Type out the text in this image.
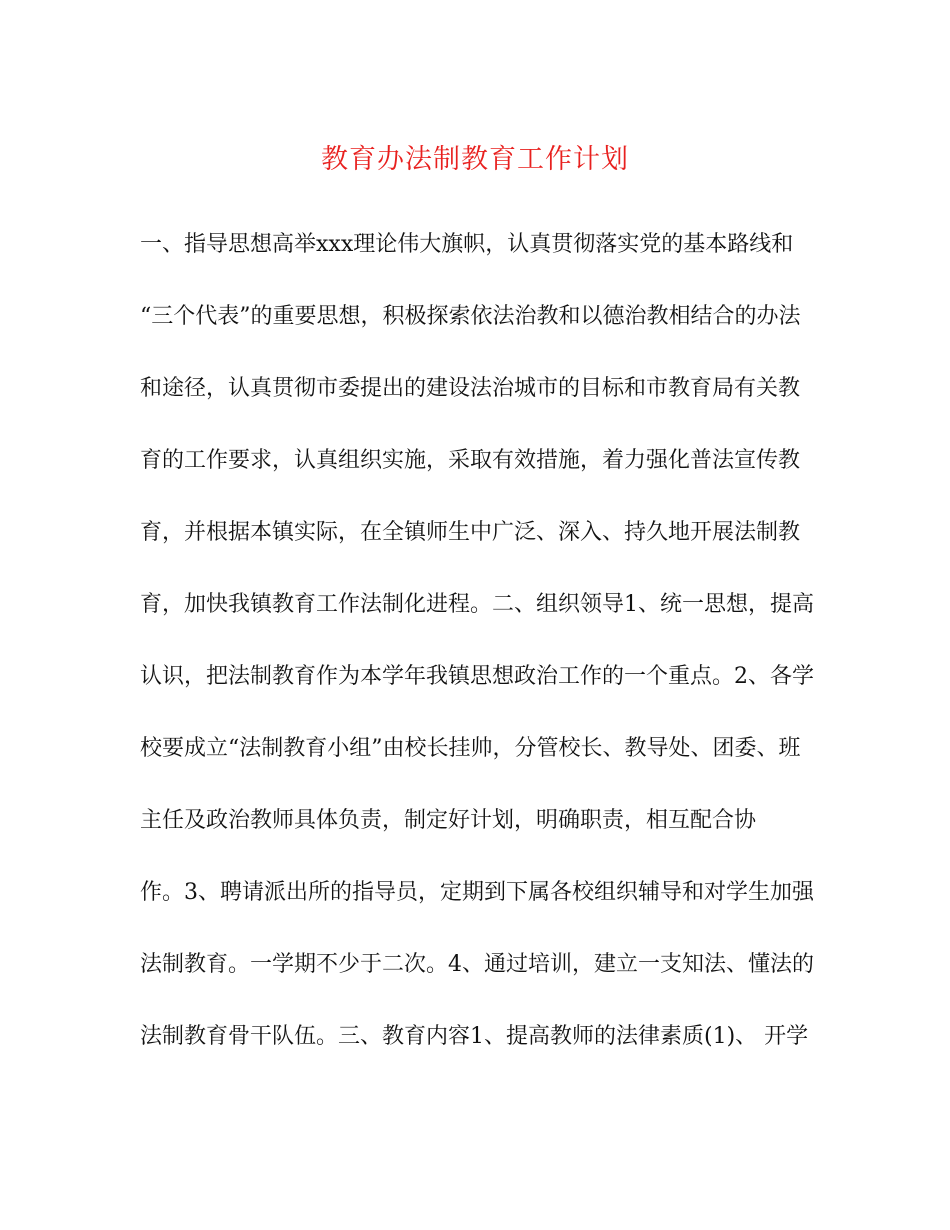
教育办法制教育工作计划
一、指导思想高举xxx理论伟大旗帜，认真贯彻落实党的基本路线和
“三个代表”的重要思想，积极探索依法治教和以德治教相结合的办法
和途径，认真贯彻市委提出的建设法治城市的目标和市教育局有关教
育的工作要求，认真组织实施，采取有效措施，着力强化普法宣传教
育，并根据本镇实际，在全镇师生中广泛、深入、持久地开展法制教
育，加快我镇教育工作法制化进程。二、组织领导1、统一思想，提高
认识，把法制教育作为本学年我镇思想政治工作的一个重点。2、各学
校要成立“法制教育小组”由校长挂帅，分管校长、教导处、团委、班
主任及政治教师具体负责，制定好计划，明确职责，相互配合协
作。3、聘请派出所的指导员，定期到下属各校组织辅导和对学生加强
法制教育。一学期不少于二次。4、通过培训，建立一支知法、懂法的
法制教育骨干队伍。三、教育内容1、提高教师的法律素质(1)、 开学
